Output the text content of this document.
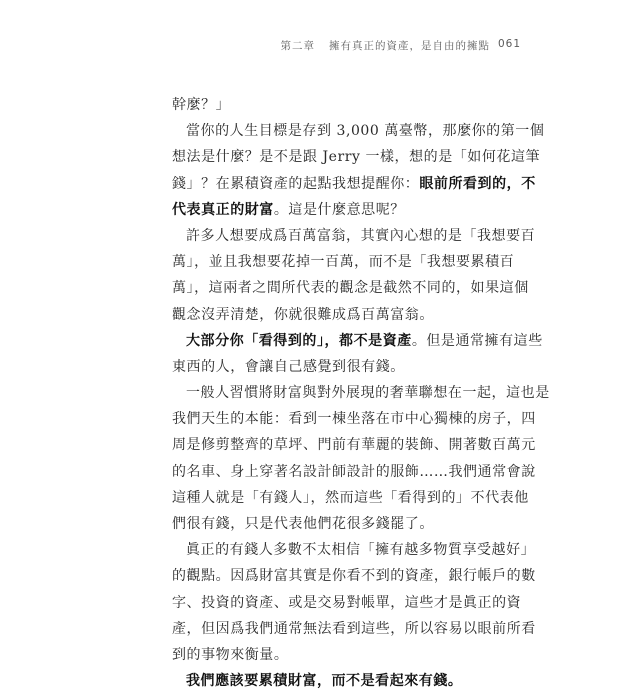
第二章 擁有真正的資產，是自由的擁點 061
幹麼？」
當你的人生目標是存到 3,000 萬臺幣，那麼你的第一個
想法是什麼？是不是跟 Jerry 一樣，想的是「如何花這筆
錢」？在累積資產的起點我想提醒你：眼前所看到的，不
代表真正的財富。這是什麼意思呢？
許多人想要成爲百萬富翁，其實內心想的是「我想要百
萬」，並且我想要花掉一百萬，而不是「我想要累積百
萬」，這兩者之間所代表的觀念是截然不同的，如果這個
觀念沒弄清楚，你就很難成爲百萬富翁。
大部分你「看得到的」，都不是資產。但是通常擁有這些
東西的人，會讓自己感覺到很有錢。
一般人習慣將財富與對外展現的奢華聯想在一起，這也是
我們天生的本能：看到一棟坐落在市中心獨棟的房子，四
周是修剪整齊的草坪、門前有華麗的裝飾、開著數百萬元
的名車、身上穿著名設計師設計的服飾……我們通常會說
這種人就是「有錢人」，然而這些「看得到的」不代表他
們很有錢，只是代表他們花很多錢罷了。
眞正的有錢人多數不太相信「擁有越多物質享受越好」
的觀點。因爲財富其實是你看不到的資產，銀行帳戶的數
字、投資的資產、或是交易對帳單，這些才是眞正的資
產，但因爲我們通常無法看到這些，所以容易以眼前所看
到的事物來衡量。
我們應該要累積財富，而不是看起來有錢。
